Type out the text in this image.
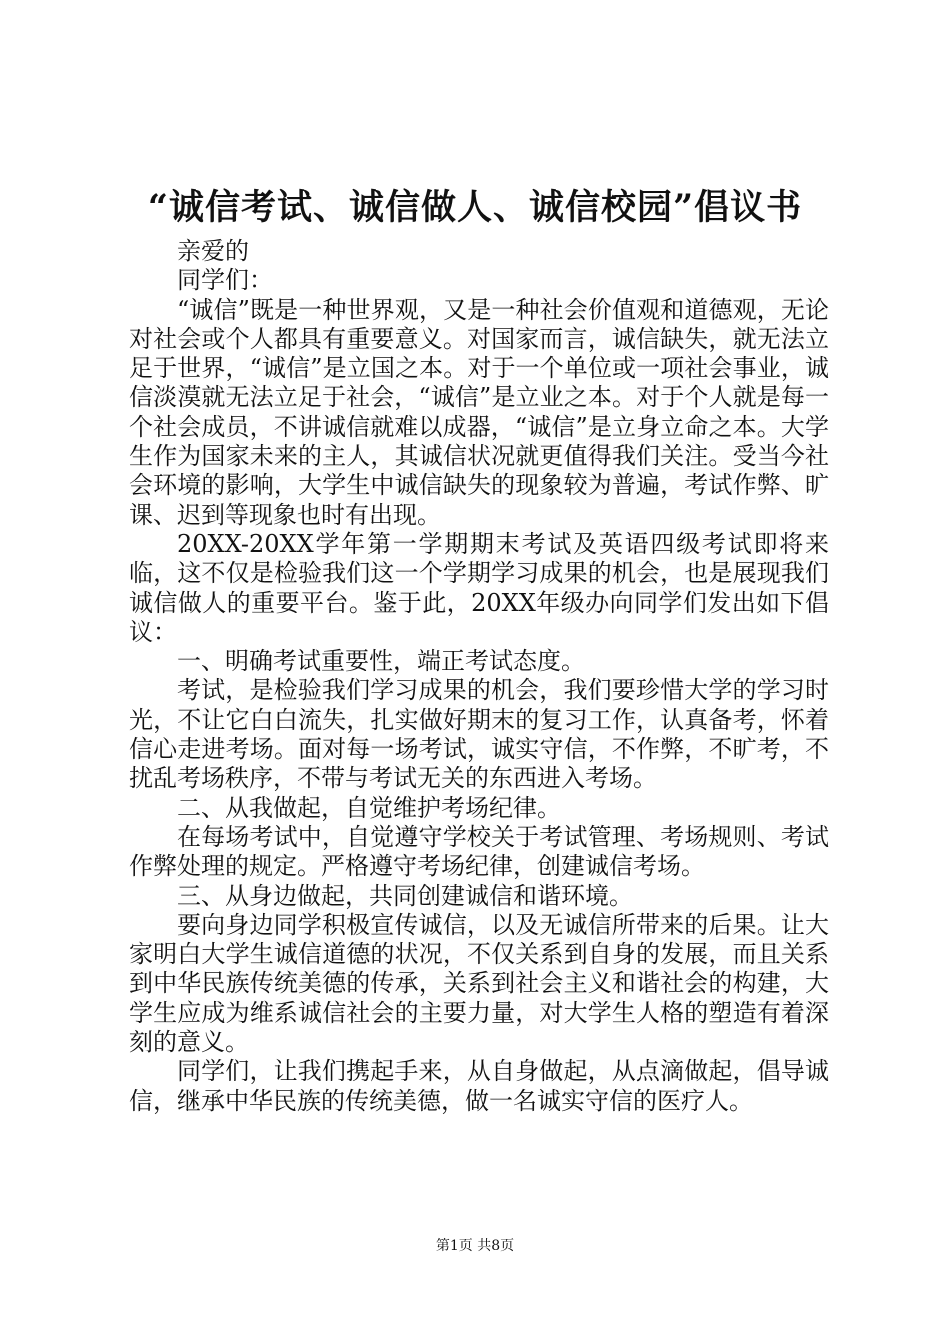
“诚信考试、诚信做人、诚信校园”倡议书

亲爱的

同学们：

“诚信”既是一种世界观，又是一种社会价值观和道德观，无论对社会或个人都具有重要意义。对国家而言，诚信缺失，就无法立足于世界，“诚信”是立国之本。对于一个单位或一项社会事业，诚信淡漠就无法立足于社会，“诚信”是立业之本。对于个人就是每一个社会成员，不讲诚信就难以成器，“诚信”是立身立命之本。大学生作为国家未来的主人，其诚信状况就更值得我们关注。受当今社会环境的影响，大学生中诚信缺失的现象较为普遍，考试作弊、旷课、迟到等现象也时有出现。

20XX-20XX学年第一学期期末考试及英语四级考试即将来临，这不仅是检验我们这一个学期学习成果的机会，也是展现我们诚信做人的重要平台。鉴于此，20XX年级办向同学们发出如下倡议：

一、明确考试重要性，端正考试态度。

考试，是检验我们学习成果的机会，我们要珍惜大学的学习时光，不让它白白流失，扎实做好期末的复习工作，认真备考，怀着信心走进考场。面对每一场考试，诚实守信，不作弊，不旷考，不扰乱考场秩序，不带与考试无关的东西进入考场。

二、从我做起，自觉维护考场纪律。

在每场考试中，自觉遵守学校关于考试管理、考场规则、考试作弊处理的规定。严格遵守考场纪律，创建诚信考场。

三、从身边做起，共同创建诚信和谐环境。

要向身边同学积极宣传诚信，以及无诚信所带来的后果。让大家明白大学生诚信道德的状况，不仅关系到自身的发展，而且关系到中华民族传统美德的传承，关系到社会主义和谐社会的构建，大学生应成为维系诚信社会的主要力量，对大学生人格的塑造有着深刻的意义。

同学们，让我们携起手来，从自身做起，从点滴做起，倡导诚信，继承中华民族的传统美德，做一名诚实守信的医疗人。

第1页 共8页
